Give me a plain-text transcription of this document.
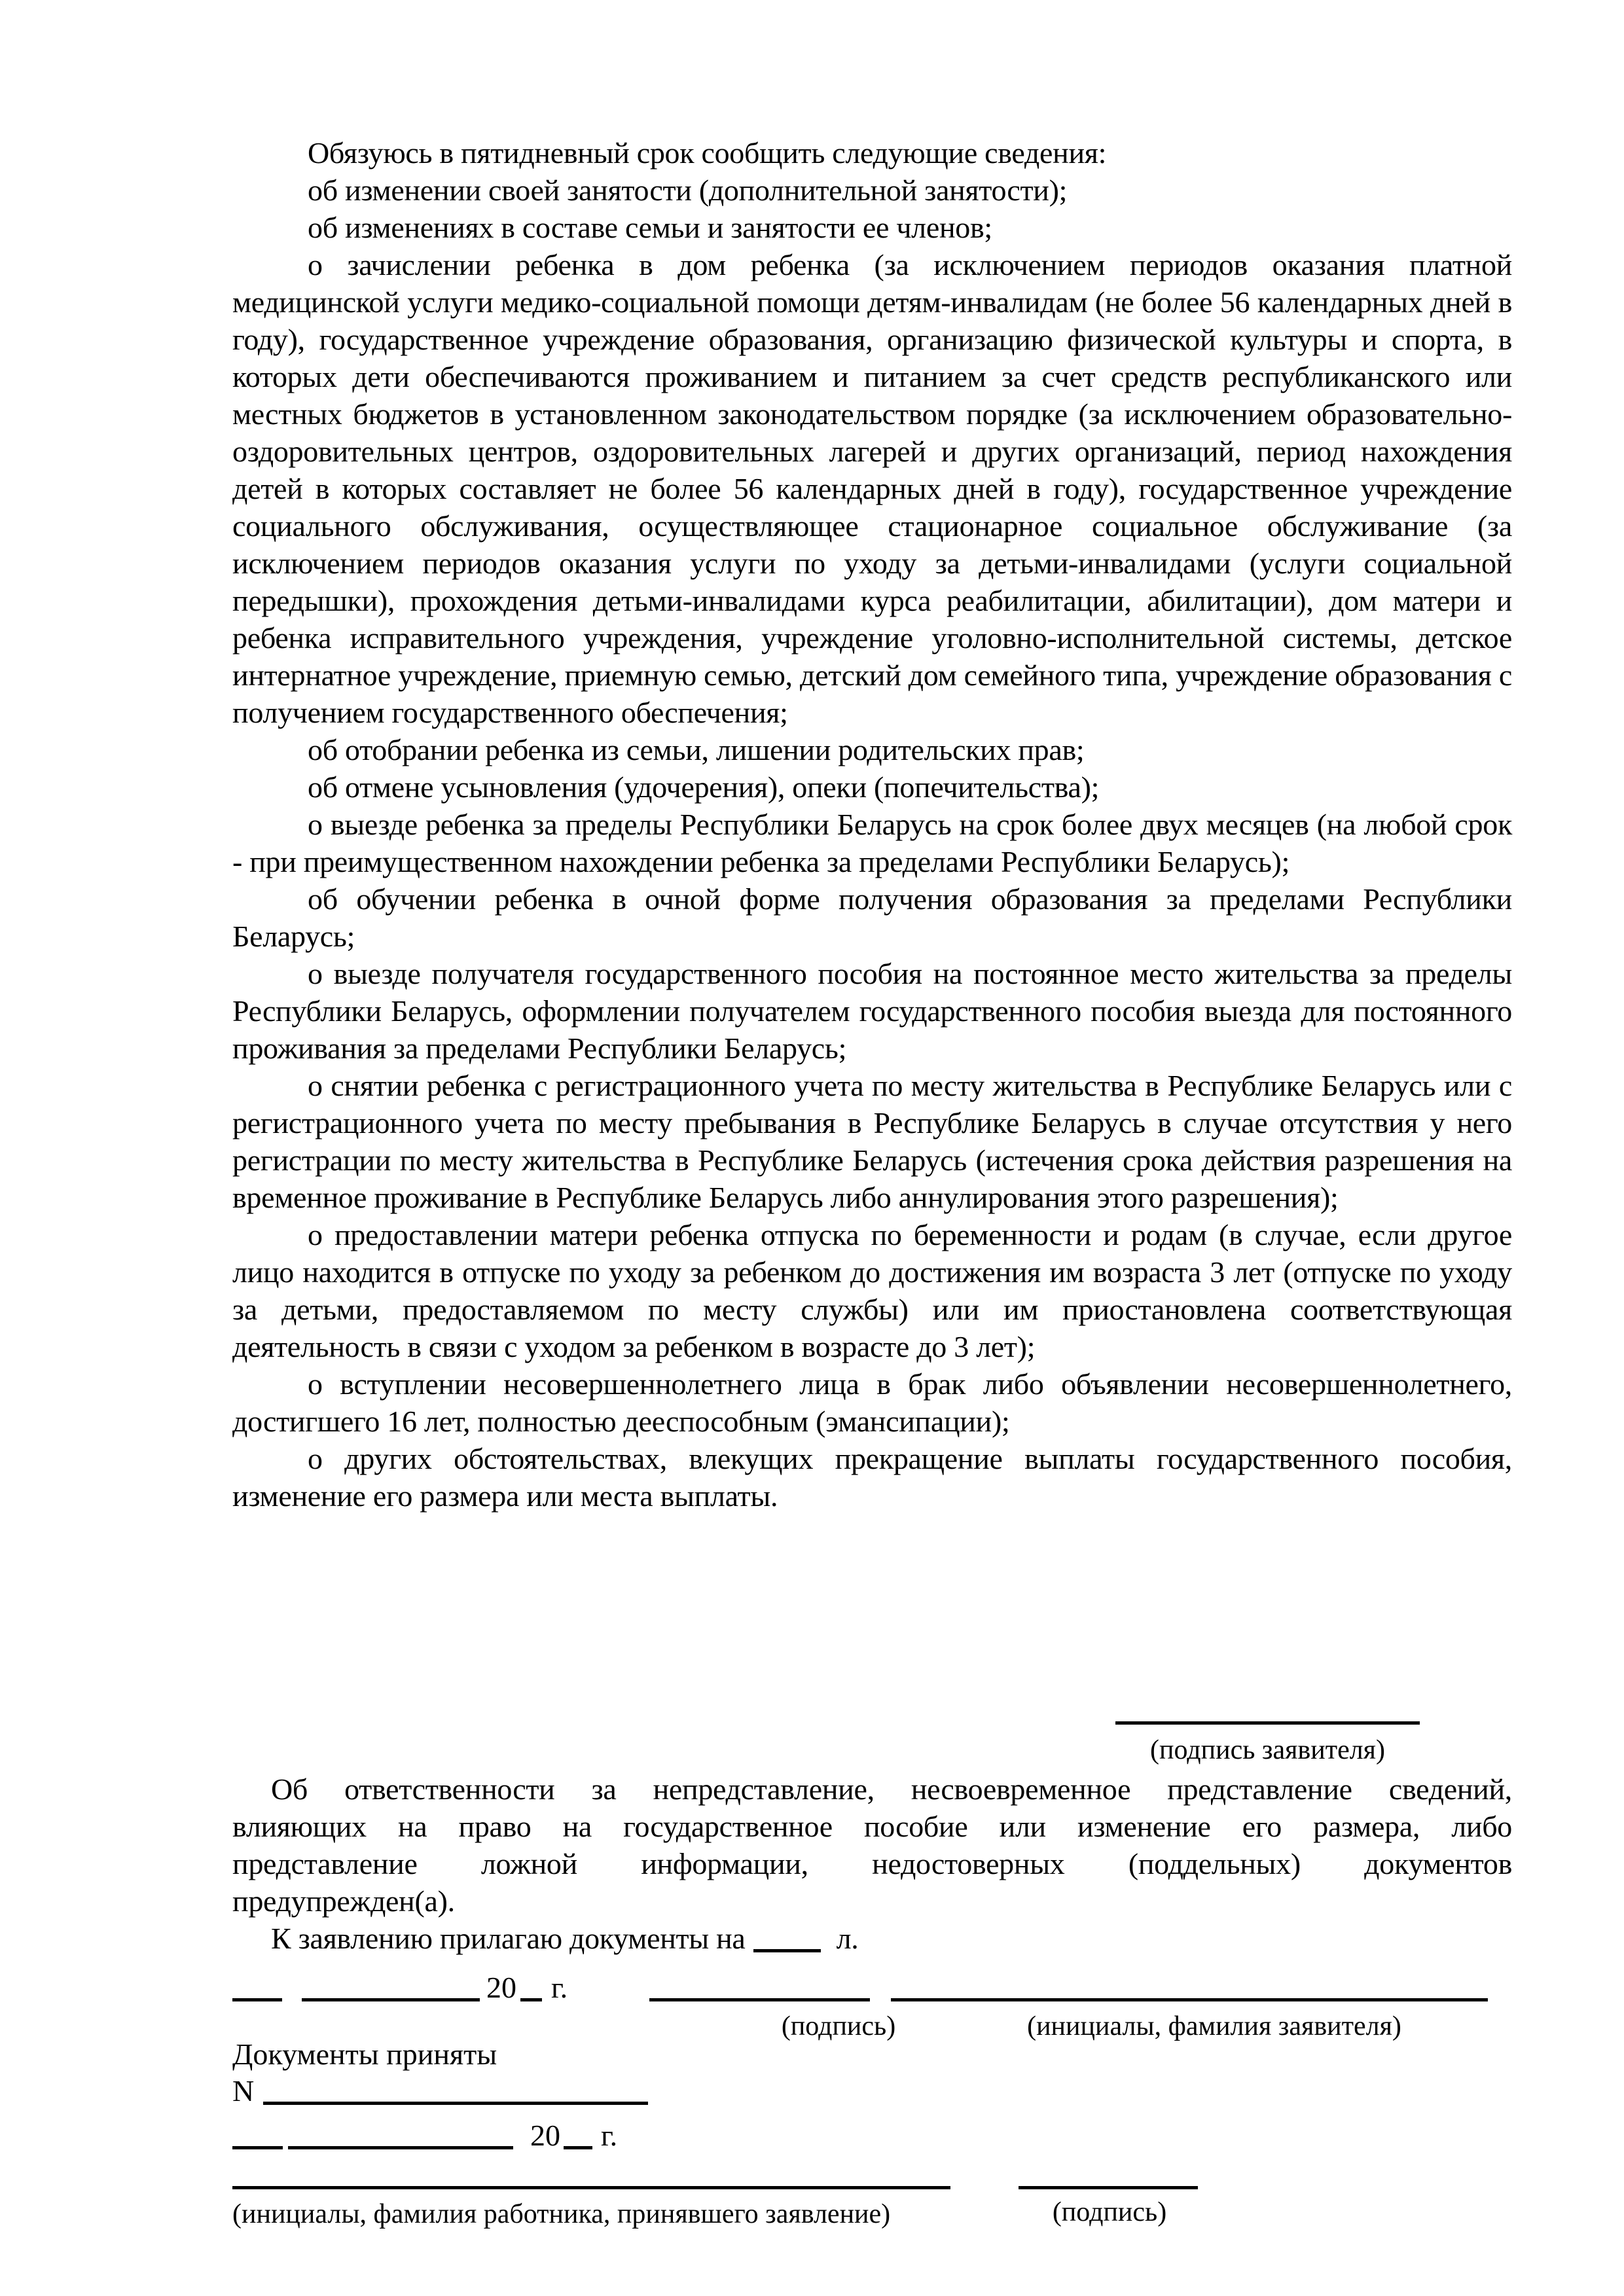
Обязуюсь в пятидневный срок сообщить следующие сведения:

об изменении своей занятости (дополнительной занятости);

об изменениях в составе семьи и занятости ее членов;

о зачислении ребенка в дом ребенка (за исключением периодов оказания платной медицинской услуги медико-социальной помощи детям-инвалидам (не более 56 календарных дней в году), государственное учреждение образования, организацию физической культуры и спорта, в которых дети обеспечиваются проживанием и питанием за счет средств республиканского или местных бюджетов в установленном законодательством порядке (за исключением образовательно-оздоровительных центров, оздоровительных лагерей и других организаций, период нахождения детей в которых составляет не более 56 календарных дней в году), государственное учреждение социального обслуживания, осуществляющее стационарное социальное обслуживание (за исключением периодов оказания услуги по уходу за детьми-инвалидами (услуги социальной передышки), прохождения детьми-инвалидами курса реабилитации, абилитации), дом матери и ребенка исправительного учреждения, учреждение уголовно-исполнительной системы, детское интернатное учреждение, приемную семью, детский дом семейного типа, учреждение образования с получением государственного обеспечения;

об отобрании ребенка из семьи, лишении родительских прав;

об отмене усыновления (удочерения), опеки (попечительства);

о выезде ребенка за пределы Республики Беларусь на срок более двух месяцев (на любой срок - при преимущественном нахождении ребенка за пределами Республики Беларусь);

об обучении ребенка в очной форме получения образования за пределами Республики Беларусь;

о выезде получателя государственного пособия на постоянное место жительства за пределы Республики Беларусь, оформлении получателем государственного пособия выезда для постоянного проживания за пределами Республики Беларусь;

о снятии ребенка с регистрационного учета по месту жительства в Республике Беларусь или с регистрационного учета по месту пребывания в Республике Беларусь в случае отсутствия у него регистрации по месту жительства в Республике Беларусь (истечения срока действия разрешения на временное проживание в Республике Беларусь либо аннулирования этого разрешения);

о предоставлении матери ребенка отпуска по беременности и родам (в случае, если другое лицо находится в отпуске по уходу за ребенком до достижения им возраста 3 лет (отпуске по уходу за детьми, предоставляемом по месту службы) или им приостановлена соответствующая деятельность в связи с уходом за ребенком в возрасте до 3 лет);

о вступлении несовершеннолетнего лица в брак либо объявлении несовершеннолетнего, достигшего 16 лет, полностью дееспособным (эмансипации);

о других обстоятельствах, влекущих прекращение выплаты государственного пособия, изменение его размера или места выплаты.

(подпись заявителя)

Об ответственности за непредставление, несвоевременное представление сведений,

влияющих на право на государственное пособие или изменение его размера, либо

представление ложной информации, недостоверных (поддельных) документов

предупрежден(а).

К заявлению прилагаю документы на	л.

20 г.
(подпись)	(инициалы, фамилия заявителя)
Документы приняты
N
20 г.
(инициалы, фамилия работника, принявшего заявление)	(подпись)
